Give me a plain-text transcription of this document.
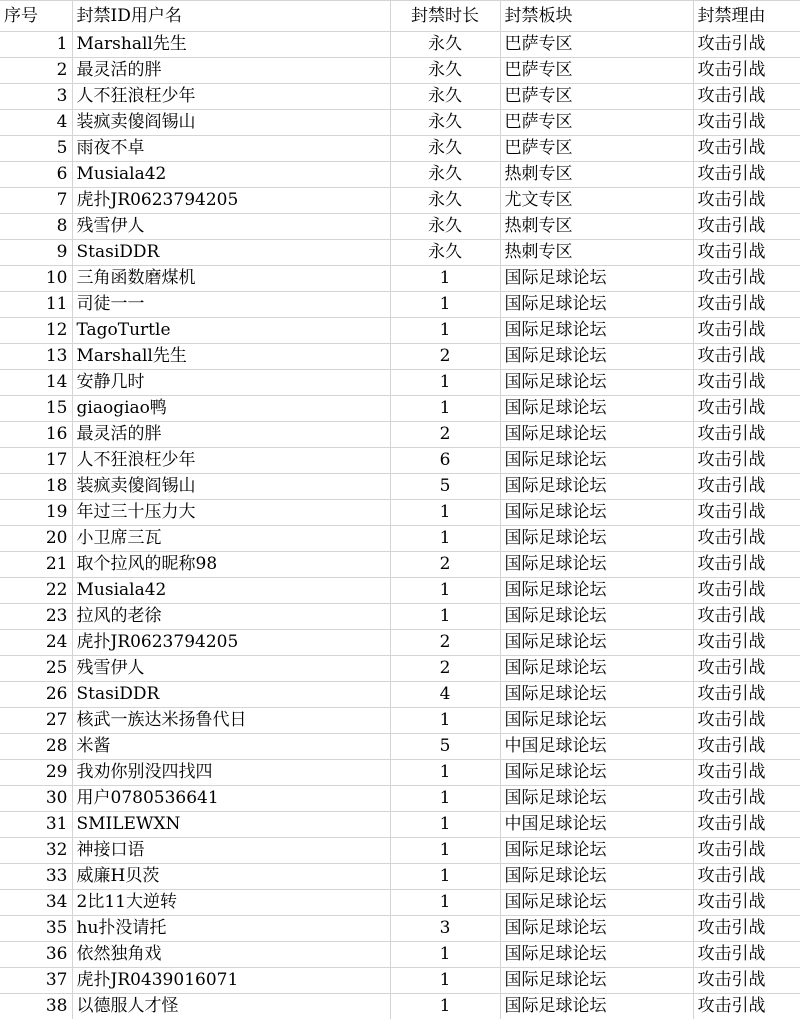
序号	封禁ID用户名	封禁时长	封禁板块	封禁理由
1	Marshall先生	永久	巴萨专区	攻击引战
2	最灵活的胖	永久	巴萨专区	攻击引战
3	人不狂浪枉少年	永久	巴萨专区	攻击引战
4	装疯卖傻阎锡山	永久	巴萨专区	攻击引战
5	雨夜不卓	永久	巴萨专区	攻击引战
6	Musiala42	永久	热刺专区	攻击引战
7	虎扑JR0623794205	永久	尤文专区	攻击引战
8	残雪伊人	永久	热刺专区	攻击引战
9	StasiDDR	永久	热刺专区	攻击引战
10	三角函数磨煤机	1	国际足球论坛	攻击引战
11	司徒一一	1	国际足球论坛	攻击引战
12	TagoTurtle	1	国际足球论坛	攻击引战
13	Marshall先生	2	国际足球论坛	攻击引战
14	安静几时	1	国际足球论坛	攻击引战
15	giaogiao鸭	1	国际足球论坛	攻击引战
16	最灵活的胖	2	国际足球论坛	攻击引战
17	人不狂浪枉少年	6	国际足球论坛	攻击引战
18	装疯卖傻阎锡山	5	国际足球论坛	攻击引战
19	年过三十压力大	1	国际足球论坛	攻击引战
20	小卫席三瓦	1	国际足球论坛	攻击引战
21	取个拉风的昵称98	2	国际足球论坛	攻击引战
22	Musiala42	1	国际足球论坛	攻击引战
23	拉风的老徐	1	国际足球论坛	攻击引战
24	虎扑JR0623794205	2	国际足球论坛	攻击引战
25	残雪伊人	2	国际足球论坛	攻击引战
26	StasiDDR	4	国际足球论坛	攻击引战
27	核武一族达米扬鲁代日	1	国际足球论坛	攻击引战
28	米酱	5	中国足球论坛	攻击引战
29	我劝你别没四找四	1	国际足球论坛	攻击引战
30	用户0780536641	1	国际足球论坛	攻击引战
31	SMILEWXN	1	中国足球论坛	攻击引战
32	神接口语	1	国际足球论坛	攻击引战
33	威廉H贝茨	1	国际足球论坛	攻击引战
34	2比11大逆转	1	国际足球论坛	攻击引战
35	hu扑没请托	3	国际足球论坛	攻击引战
36	依然独角戏	1	国际足球论坛	攻击引战
37	虎扑JR0439016071	1	国际足球论坛	攻击引战
38	以德服人才怪	1	国际足球论坛	攻击引战
